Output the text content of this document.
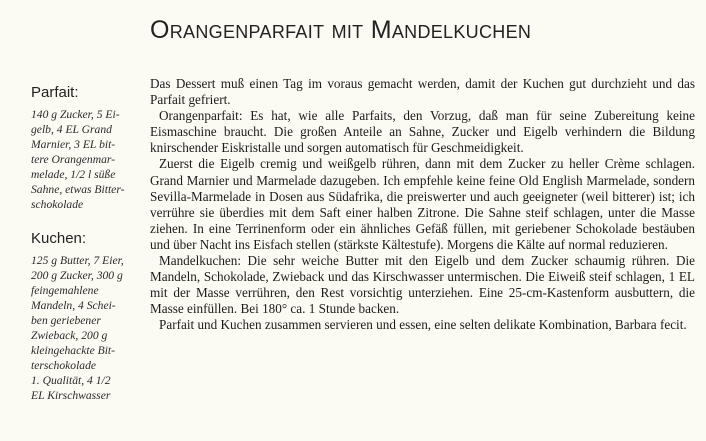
Orangenparfait mit Mandelkuchen
Parfait:
140 g Zucker, 5 Ei-
gelb, 4 EL Grand
Marnier, 3 EL bit-
tere Orangenmar-
melade, 1/2 l süße
Sahne, etwas Bitter-
schokolade
Kuchen:
125 g Butter, 7 Eier,
200 g Zucker, 300 g
feingemahlene
Mandeln, 4 Schei-
ben geriebener
Zwieback, 200 g
kleingehackte Bit-
terschokolade
1. Qualität, 4 1/2
EL Kirschwasser

Das Dessert muß einen Tag im voraus gemacht werden, damit der Kuchen gut durchzieht und das Parfait gefriert.

Orangenparfait: Es hat, wie alle Parfaits, den Vorzug, daß man für seine Zubereitung keine Eismaschine braucht. Die großen Anteile an Sahne, Zucker und Eigelb verhindern die Bildung knirschender Eiskristalle und sorgen automatisch für Geschmeidigkeit.

Zuerst die Eigelb cremig und weißgelb rühren, dann mit dem Zucker zu heller Crème schlagen. Grand Marnier und Marmelade dazugeben. Ich empfehle keine feine Old English Marmelade, sondern Sevilla-Marmelade in Dosen aus Südafrika, die preiswerter und auch geeigneter (weil bitterer) ist; ich verrühre sie überdies mit dem Saft einer halben Zitrone. Die Sahne steif schlagen, unter die Masse ziehen. In eine Terrinenform oder ein ähnliches Gefäß füllen, mit geriebener Schokolade bestäuben und über Nacht ins Eisfach stellen (stärkste Kältestufe). Morgens die Kälte auf normal reduzieren.

Mandelkuchen: Die sehr weiche Butter mit den Eigelb und dem Zucker schaumig rühren. Die Mandeln, Schokolade, Zwieback und das Kirschwasser untermischen. Die Eiweiß steif schlagen, 1 EL mit der Masse verrühren, den Rest vorsichtig unterziehen. Eine 25-cm-Kastenform ausbuttern, die Masse einfüllen. Bei 180° ca. 1 Stunde backen.

Parfait und Kuchen zusammen servieren und essen, eine selten delikate Kombination, Barbara fecit.
